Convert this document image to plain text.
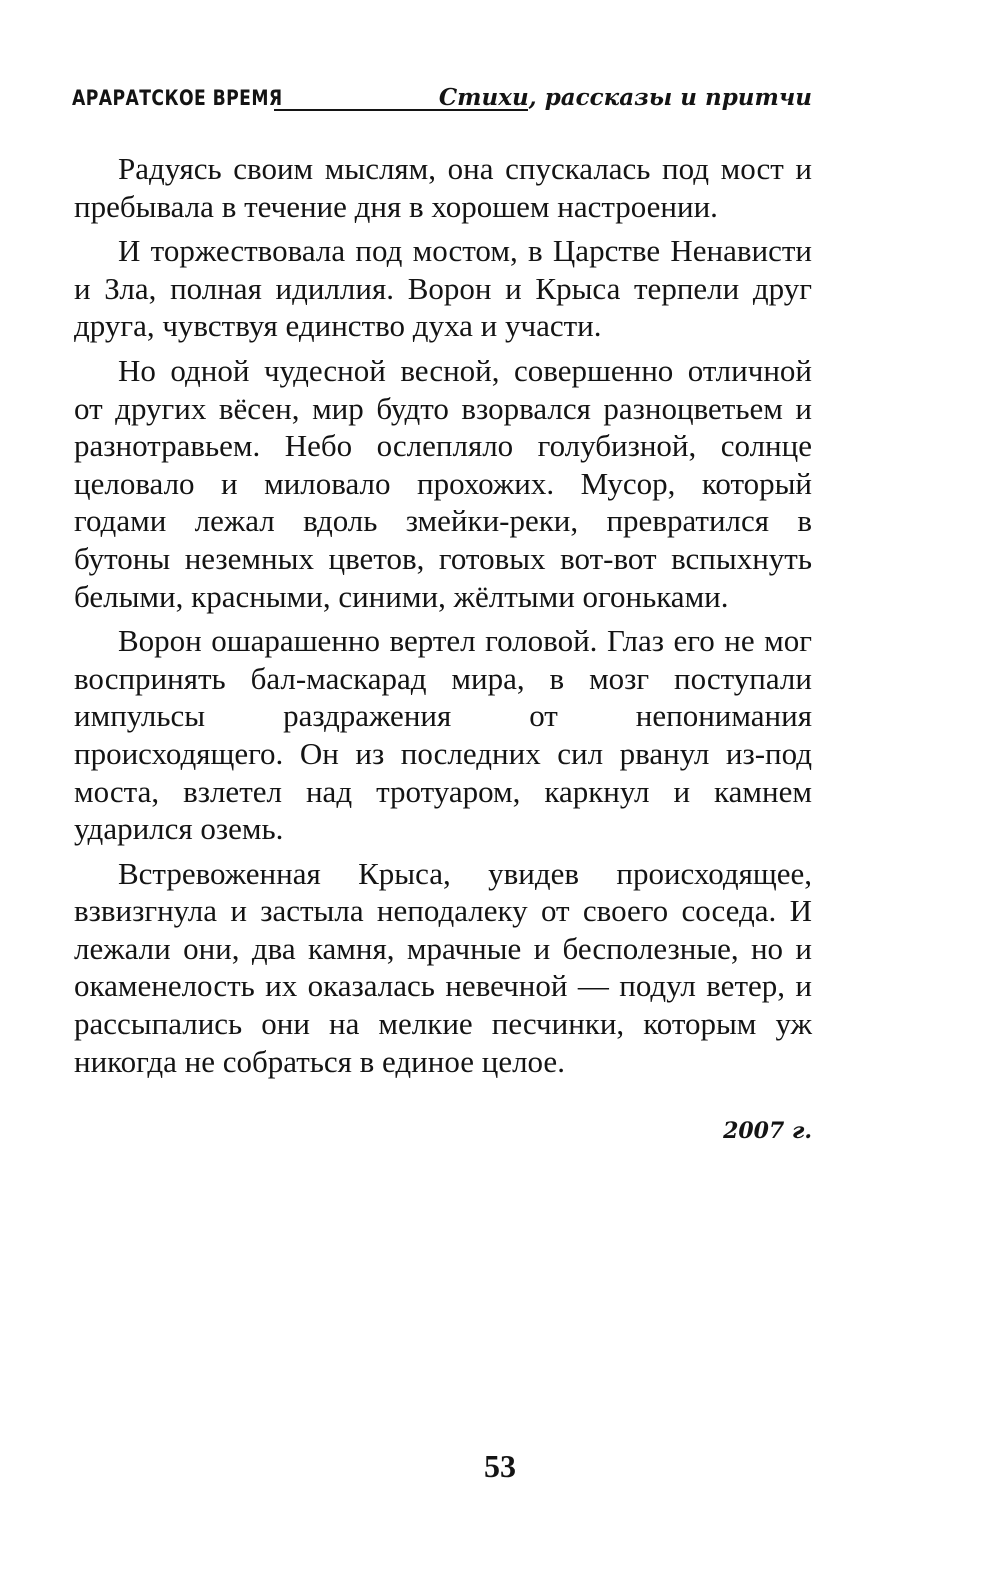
АРАРАТСКОЕ ВРЕМЯ	Стихи, рассказы и притчи

Радуясь своим мыслям, она спускалась под мост и пребывала в течение дня в хорошем настроении.

И торжествовала под мостом, в Царстве Ненависти и Зла, полная идиллия. Ворон и Крыса терпели друг друга, чувствуя единство духа и участи.

Но одной чудесной весной, совершенно отличной от других вёсен, мир будто взорвался разноцветьем и разнотравьем. Небо ослепляло голубизной, солнце целовало и миловало прохожих. Мусор, который годами лежал вдоль змейки-реки, превратился в бутоны неземных цветов, готовых вот-вот вспыхнуть белыми, красными, синими, жёлтыми огоньками.

Ворон ошарашенно вертел головой. Глаз его не мог воспринять бал-маскарад мира, в мозг поступали импульсы раздражения от непонимания происходящего. Он из последних сил рванул из-под моста, взлетел над тротуаром, каркнул и камнем ударился оземь.

Встревоженная Крыса, увидев происходящее, взвизгнула и застыла неподалеку от своего соседа. И лежали они, два камня, мрачные и бесполезные, но и окаменелость их оказалась невечной — подул ветер, и рассыпались они на мелкие песчинки, которым уж никогда не собраться в единое целое.

2007 г.
53
